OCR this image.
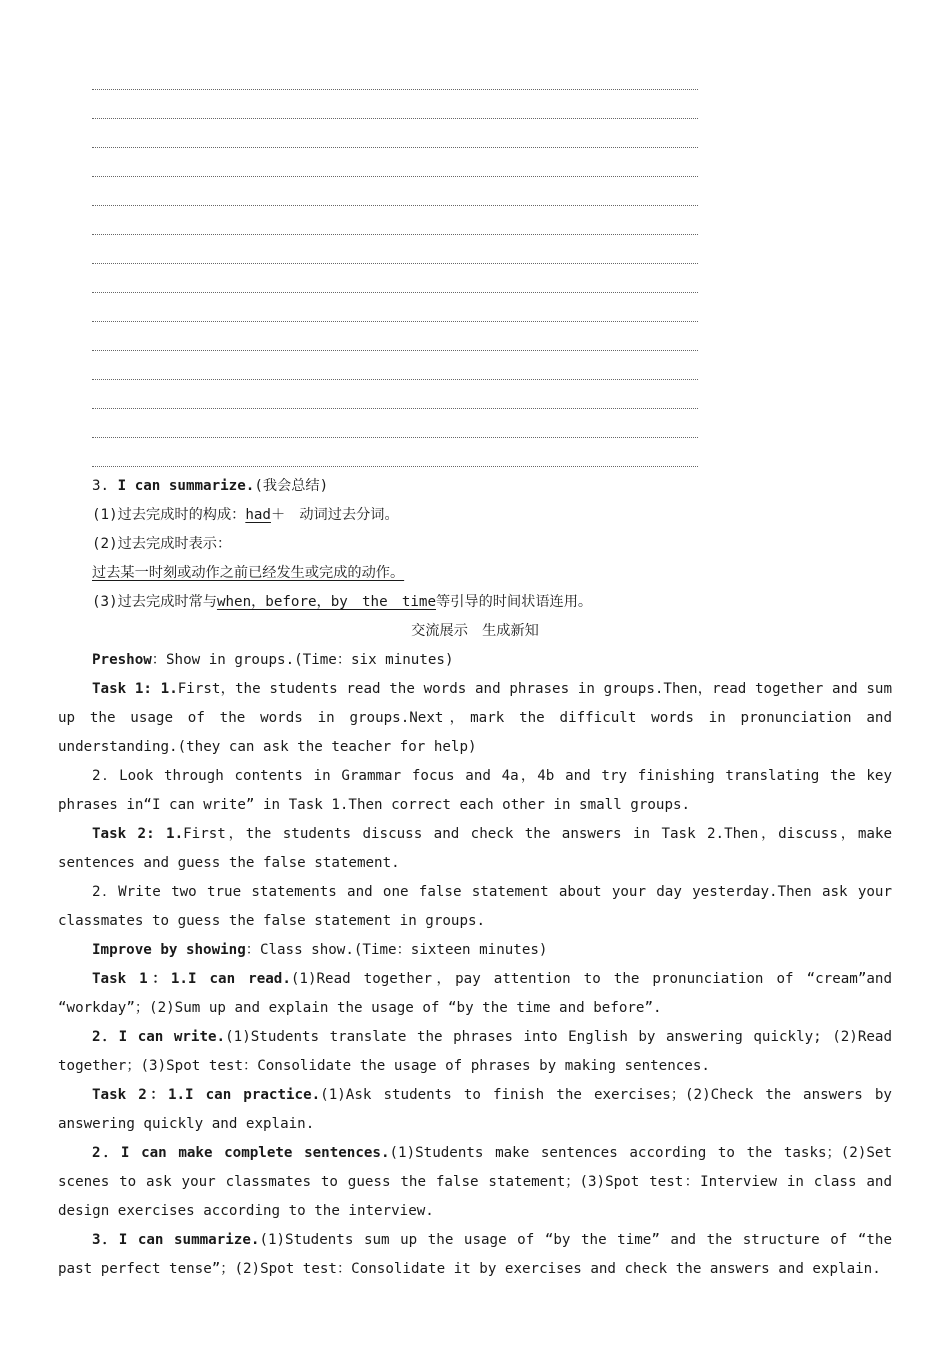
3. I can summarize.(我会总结)

(1)过去完成时的构成：had＋　动词过去分词。

(2)过去完成时表示：

过去某一时刻或动作之前已经发生或完成的动作。

(3)过去完成时常与when，before，by　the　time等引导的时间状语连用。

交流展示　生成新知

Preshow：Show in groups.(Time：six minutes)

Task 1: 1.First，the students read the words and phrases in groups.Then，read together and sum up the usage of the words in groups.Next，mark the difficult words in pronunciation and understanding.(they can ask the teacher for help)

2．Look through contents in Grammar focus and 4a，4b and try finishing translating the key phrases in“I can write” in Task 1.Then correct each other in small groups.

Task 2: 1.First，the students discuss and check the answers in Task 2.Then，discuss，make sentences and guess the false statement.

2．Write two true statements and one false statement about your day yesterday.Then ask your classmates to guess the false statement in groups.

Improve by showing：Class show.(Time：sixteen minutes)

Task 1：1.I can read.(1)Read together，pay attention to the pronunciation of “cream”and “workday”；(2)Sum up and explain the usage of “by the time and before”.

2．I can write.(1)Students translate the phrases into English by answering quickly; (2)Read together；(3)Spot test：Consolidate the usage of phrases by making sentences.

Task 2：1.I can practice.(1)Ask students to finish the exercises；(2)Check the answers by answering quickly and explain.

2．I can make complete sentences.(1)Students make sentences according to the tasks；(2)Set scenes to ask your classmates to guess the false statement；(3)Spot test：Interview in class and design exercises according to the interview.

3．I can summarize.(1)Students sum up the usage of “by the time” and the structure of “the past perfect tense”；(2)Spot test：Consolidate it by exercises and check the answers and explain.
